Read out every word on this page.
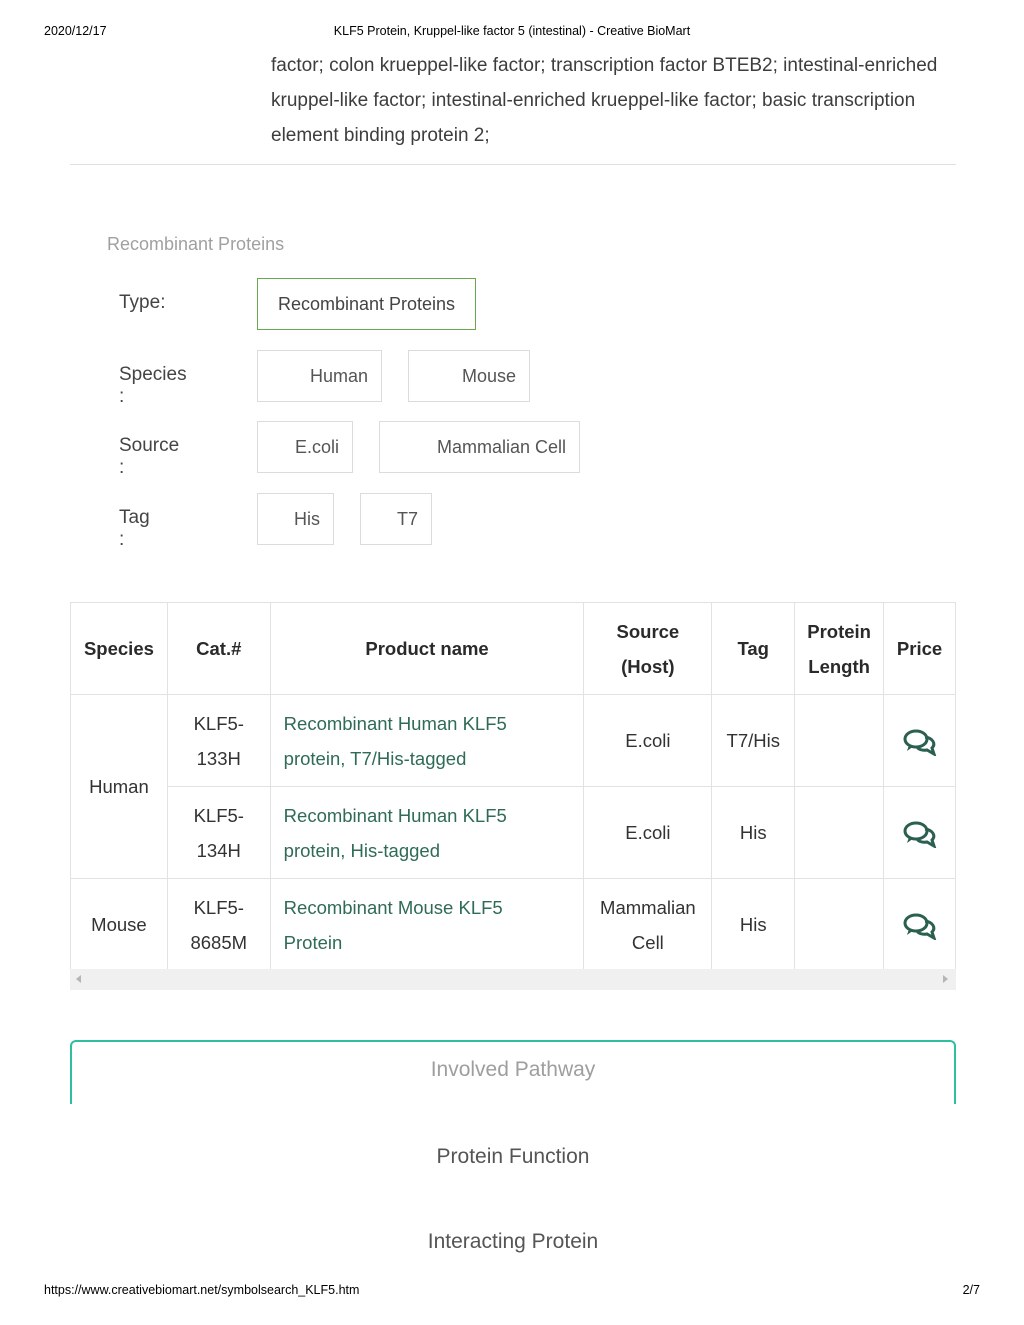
2020/12/17	KLF5 Protein, Kruppel-like factor 5 (intestinal) - Creative BioMart
factor; colon krueppel-like factor; transcription factor BTEB2; intestinal-enriched kruppel-like factor; intestinal-enriched krueppel-like factor; basic transcription element binding protein 2;
Recombinant Proteins
Type:	Recombinant Proteins
Species :
Human	Mouse
Source :
E.coli	Mammalian Cell
Tag :
His	T7
Species	Cat.#	Product name	Source (Host)	Tag	Protein Length	Price
Human	KLF5-133H	Recombinant Human KLF5 protein, T7/His-tagged	E.coli	T7/His		
	KLF5-134H	Recombinant Human KLF5 protein, His-tagged	E.coli	His		
Mouse	KLF5-8685M	Recombinant Mouse KLF5 Protein	Mammalian Cell	His		
Involved Pathway
Protein Function
Interacting Protein
https://www.creativebiomart.net/symbolsearch_KLF5.htm	2/7
